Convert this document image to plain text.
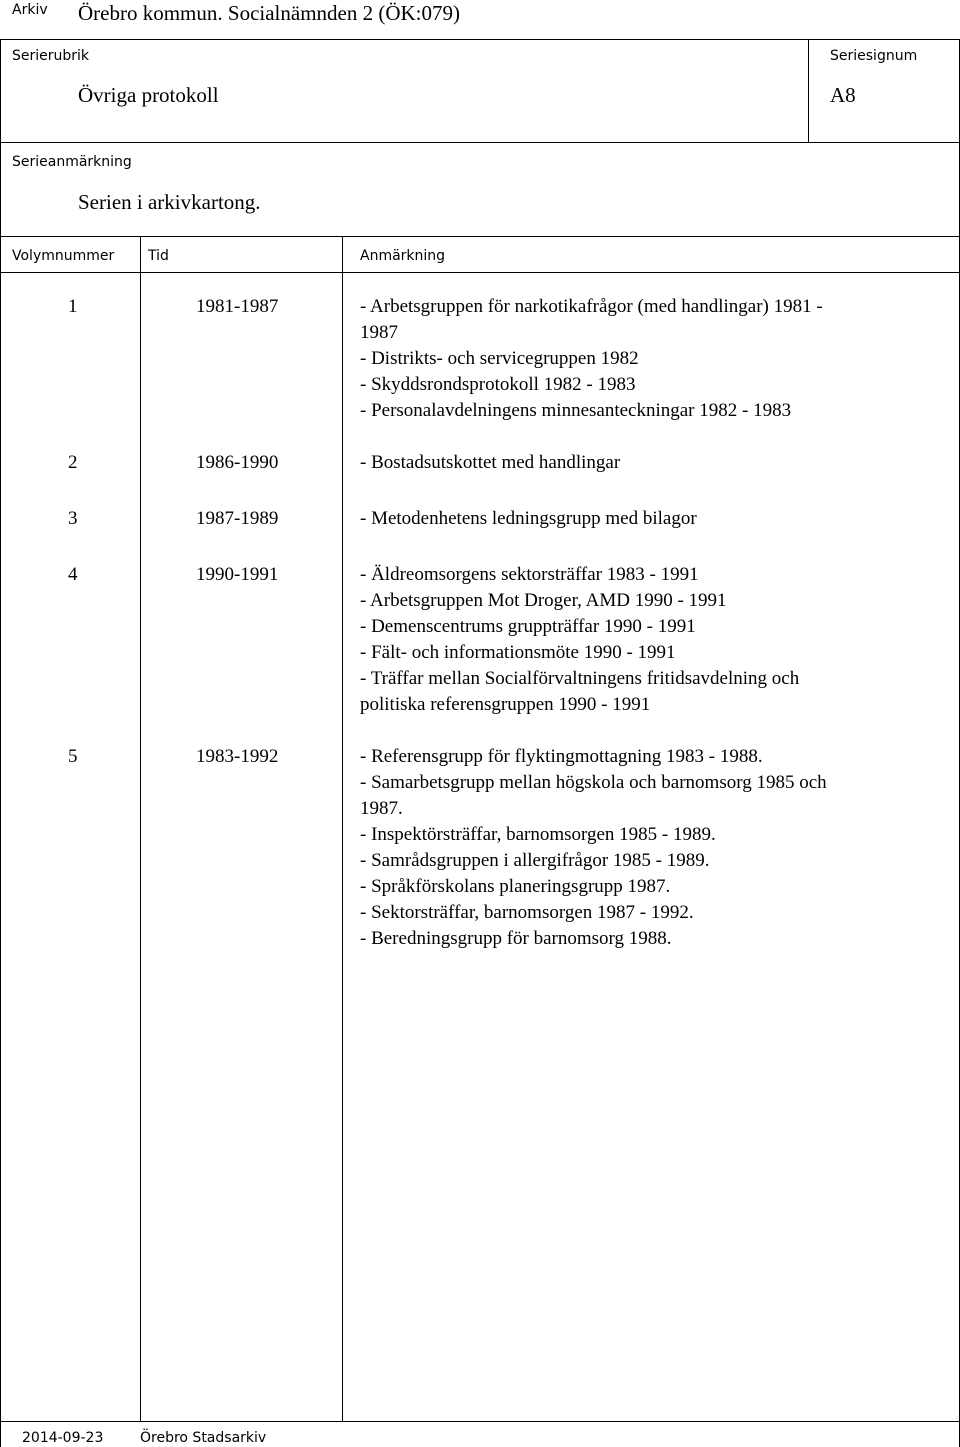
Arkiv Örebro kommun. Socialnämnden 2 (ÖK:079)
Serierubrik
Övriga protokoll
Seriesignum
A8
Serieanmärkning
Serien i arkivkartong.
Volymnummer Tid	Anmärkning
1	1981-1987	- Arbetsgruppen för narkotikafrågor (med handlingar) 1981 -
1987
- Distrikts- och servicegruppen 1982
- Skyddsrondsprotokoll 1982 - 1983
- Personalavdelningens minnesanteckningar 1982 - 1983
2	1986-1990	- Bostadsutskottet med handlingar
3	1987-1989	- Metodenhetens ledningsgrupp med bilagor
4	1990-1991	- Äldreomsorgens sektorsträffar 1983 - 1991
- Arbetsgruppen Mot Droger, AMD 1990 - 1991
- Demenscentrums gruppträffar 1990 - 1991
- Fält- och informationsmöte 1990 - 1991
- Träffar mellan Socialförvaltningens fritidsavdelning och
politiska referensgruppen 1990 - 1991
5	1983-1992	- Referensgrupp för flyktingmottagning 1983 - 1988.
- Samarbetsgrupp mellan högskola och barnomsorg 1985 och
1987.
- Inspektörsträffar, barnomsorgen 1985 - 1989.
- Samrådsgruppen i allergifrågor 1985 - 1989.
- Språkförskolans planeringsgrupp 1987.
- Sektorsträffar, barnomsorgen 1987 - 1992.
- Beredningsgrupp för barnomsorg 1988.
2014-09-23	Örebro Stadsarkiv
